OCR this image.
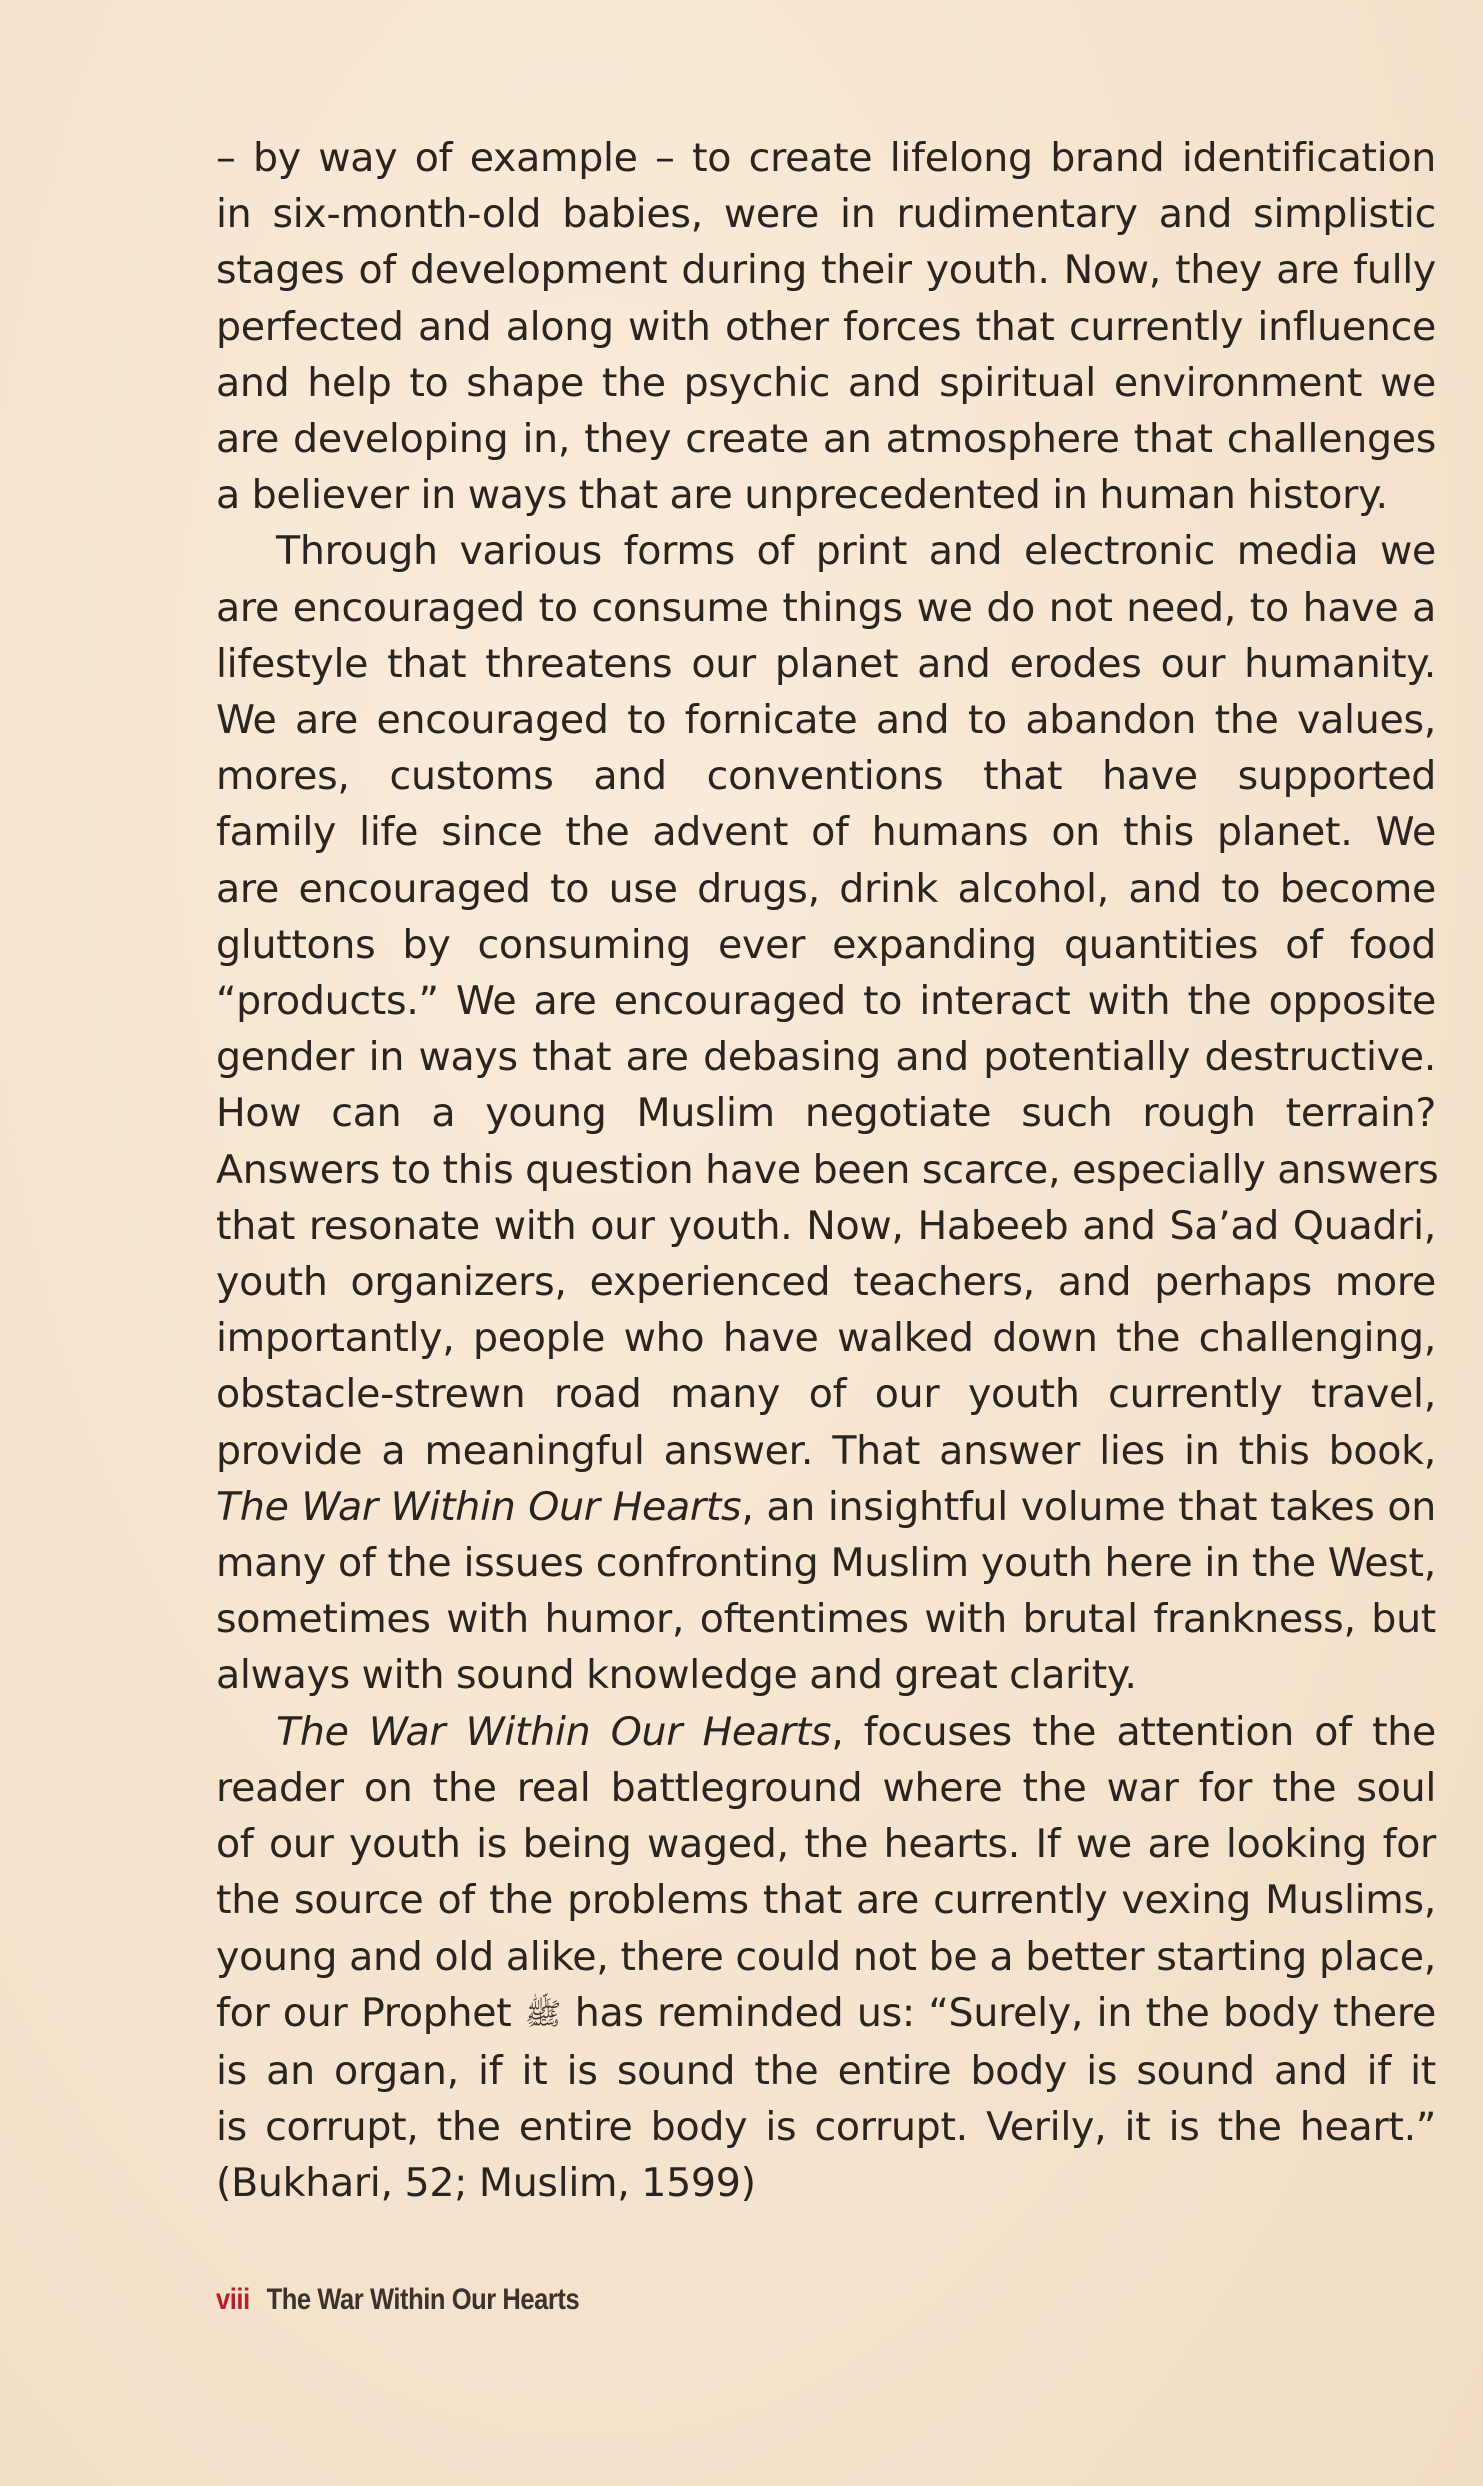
– by way of example – to create lifelong brand identification
in six-month-old babies, were in rudimentary and simplistic
stages of development during their youth. Now, they are fully
perfected and along with other forces that currently influence
and help to shape the psychic and spiritual environment we
are developing in, they create an atmosphere that challenges
a believer in ways that are unprecedented in human history.

Through various forms of print and electronic media we
are encouraged to consume things we do not need, to have a
lifestyle that threatens our planet and erodes our humanity.
We are encouraged to fornicate and to abandon the values,
mores, customs and conventions that have supported
family life since the advent of humans on this planet. We
are encouraged to use drugs, drink alcohol, and to become
gluttons by consuming ever expanding quantities of food
“products.” We are encouraged to interact with the opposite
gender in ways that are debasing and potentially destructive.
How can a young Muslim negotiate such rough terrain?
Answers to this question have been scarce, especially answers
that resonate with our youth. Now, Habeeb and Sa’ad Quadri,
youth organizers, experienced teachers, and perhaps more
importantly, people who have walked down the challenging,
obstacle-strewn road many of our youth currently travel,
provide a meaningful answer. That answer lies in this book,
The War Within Our Hearts, an insightful volume that takes on
many of the issues confronting Muslim youth here in the West,
sometimes with humor, oftentimes with brutal frankness, but
always with sound knowledge and great clarity.

The War Within Our Hearts, focuses the attention of the
reader on the real battleground where the war for the soul
of our youth is being waged, the hearts. If we are looking for
the source of the problems that are currently vexing Muslims,
young and old alike, there could not be a better starting place,
for our Prophet ﷺ has reminded us: “Surely, in the body there
is an organ, if it is sound the entire body is sound and if it
is corrupt, the entire body is corrupt. Verily, it is the heart.”
(Bukhari, 52; Muslim, 1599)

viii The War Within Our Hearts
